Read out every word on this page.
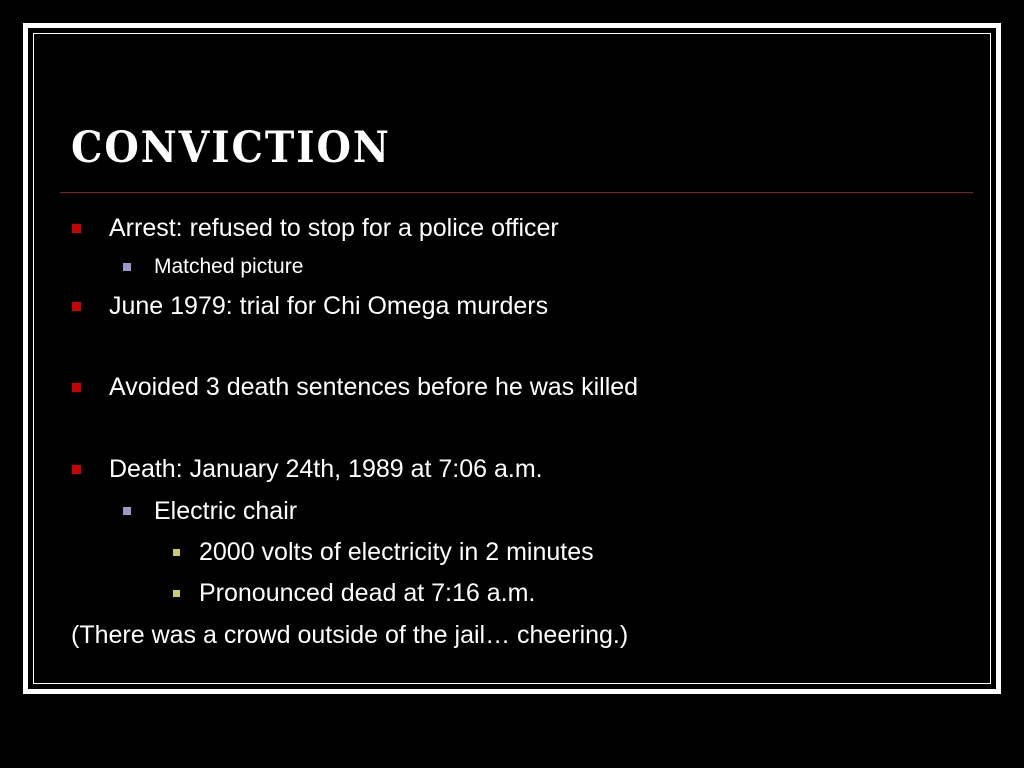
conviction
Arrest: refused to stop for a police officer
Matched picture
June 1979: trial for Chi Omega murders
Avoided 3 death sentences before he was killed
Death: January 24th, 1989 at 7:06 a.m.
Electric chair
2000 volts of electricity in 2 minutes
Pronounced dead at 7:16 a.m.
(There was a crowd outside of the jail… cheering.)
